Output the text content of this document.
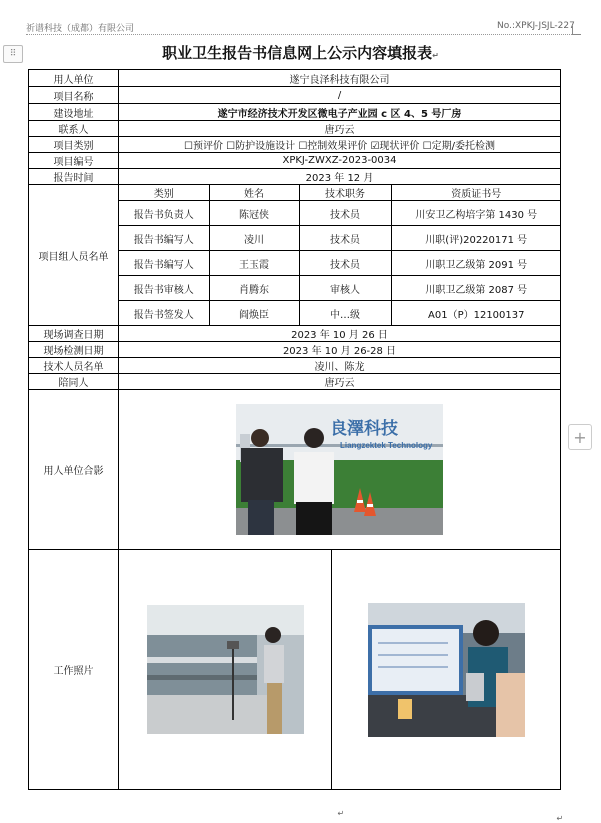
祈谱科技（成都）有限公司	No.:XPKJ-JSJL-227
⠿
+
职业卫生报告书信息网上公示内容填报表↵
用人单位	遂宁良泽科技有限公司
项目名称	/
建设地址	遂宁市经济技术开发区微电子产业园 c 区 4、5 号厂房
联系人	唐巧云
项目类别	☐预评价 ☐防护设施设计 ☐控制效果评价 ☑现状评价 ☐定期/委托检测
项目编号	XPKJ-ZWXZ-2023-0034
报告时间	2023 年 12 月
项目组人员名单	
类别	姓名	技术职务	资质证书号
报告书负责人	陈冠侠	技术员	川安卫乙构培字第 1430 号
报告书编写人	凌川	技术员	川职(评)20220171 号
报告书编写人	王玉霞	技术员	川职卫乙级第 2091 号
报告书审核人	肖腾东	审核人	川职卫乙级第 2087 号
报告书签发人	阎焕臣	中…级	A01（P）12100137

现场调查日期	2023 年 10 月 26 日
现场检测日期	2023 年 10 月 26-28 日
技术人员名单	凌川、陈龙
陪同人	唐巧云
用人单位合影	
良澤科技
Liangzektek Technology

工作照片	
↵

↵
